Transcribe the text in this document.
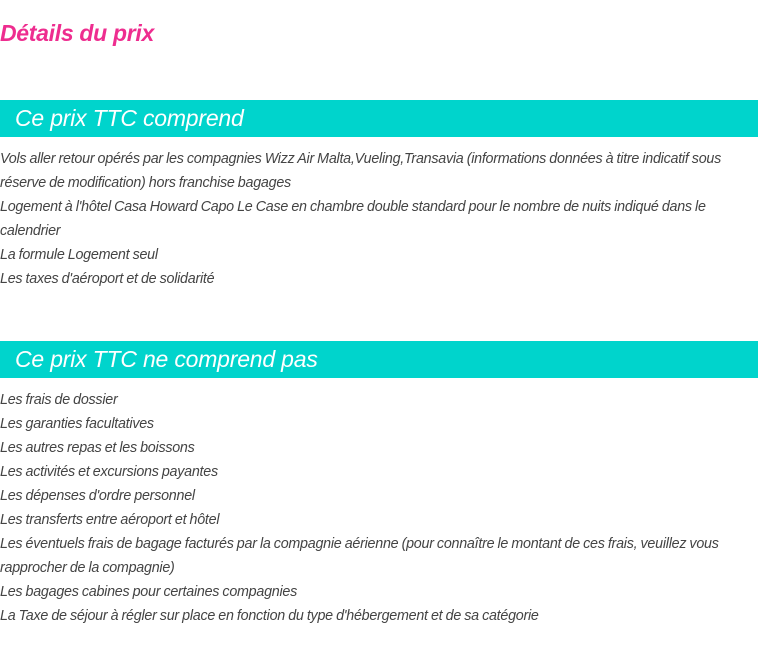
Détails du prix
Ce prix TTC comprend
Vols aller retour opérés par les compagnies Wizz Air Malta,Vueling,Transavia (informations données à titre indicatif sous réserve de modification) hors franchise bagages
Logement à l'hôtel Casa Howard Capo Le Case en chambre double standard pour le nombre de nuits indiqué dans le calendrier
La formule Logement seul
Les taxes d'aéroport et de solidarité
Ce prix TTC ne comprend pas
Les frais de dossier
Les garanties facultatives
Les autres repas et les boissons
Les activités et excursions payantes
Les dépenses d'ordre personnel
Les transferts entre aéroport et hôtel
Les éventuels frais de bagage facturés par la compagnie aérienne (pour connaître le montant de ces frais, veuillez vous rapprocher de la compagnie)
Les bagages cabines pour certaines compagnies
La Taxe de séjour à régler sur place en fonction du type d'hébergement et de sa catégorie
